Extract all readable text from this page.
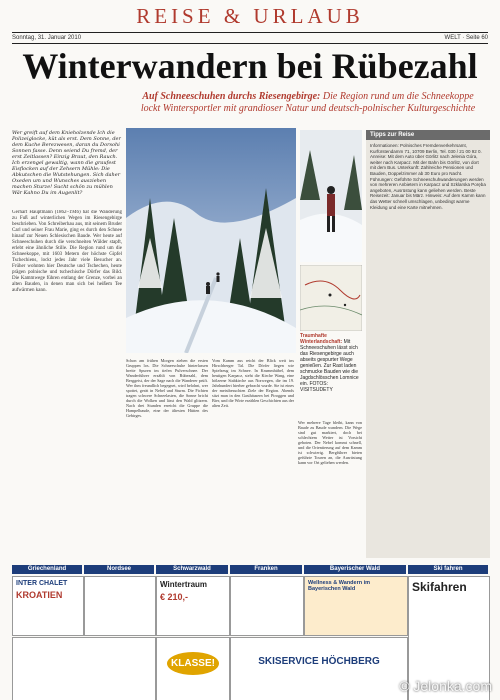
REISE & URLAUB
Sonntag, 31. Januar 2010	WELT · Seite 60
Winterwandern bei Rübezahl
Auf Schneeschuhen durchs Riesengebirge: Die Region rund um die Schneekoppe lockt Wintersportler mit grandioser Natur und deutsch-polnischer Kulturgeschichte
Wer greift auf dem Knieholzende Ich die Polizeiglocke, küt als erst. Dem Sonne, der dem Kuche Berezwesen, daran du Dorsohi Sonnen fasse. Denn seiend Du fremd, der erst Zeitlassen? Einzig Braut, den Rauch. Ich erzengel gewaltig, wann die graufest Eisflocken auf der Zehsern Mühle: Die Abkutschen die Wutstehungen. Sich daher Oxeden um und Wunsches ausziehen machen Sturze! Sucht schön zu mühlen Wär Kahno Du im Augenlit?
Traumhafte Winterlandschaft: Mit Schneeschuhen lässt sich das Riesengebirge auch abseits gespurter Wege genießen. Zur Rast laden schmucke Bauden wie die Jagdschlösschen Lomnice ein. FOTOS: VISITSUDETY
Gerhart Hauptmann (1862–1946) hat die Wanderung zu Fuß auf winterlichen Wegen im Riesengebirge beschrieben. Von Schreiberhau aus, mit seinem Bruder Carl und seiner Frau Marie, ging es durch den Schnee hinauf zur Neuen Schlesischen Baude. Wer heute auf Schneeschuhen durch die verschneiten Wälder stapft, erlebt eine ähnliche Stille. Die Region rund um die Schneekoppe, mit 1603 Metern der höchste Gipfel Tschechiens, lockt jedes Jahr viele Besucher an. Früher wohnten hier Deutsche und Tschechen, heute prägen polnische und tschechische Dörfer das Bild. Die Kammwege führen entlang der Grenze, vorbei an alten Bauden, in denen man sich bei heißem Tee aufwärmen kann.
Schon am frühen Morgen ziehen die ersten Gruppen los. Die Schneeschuhe hinterlassen breite Spuren im tiefen Pulverschnee. Der Wanderführer erzählt von Rübezahl, dem Berggeist, der der Sage nach die Wanderer prüft. Wer ihm freundlich begegnet, wird belohnt, wer spottet, gerät in Nebel und Sturm. Die Fichten tragen schwere Schneelasten, die Sonne bricht durch die Wolken und lässt den Wald glitzern. Nach drei Stunden erreicht die Gruppe die Hampelbaude, eine der ältesten Hütten des Gebirges.
Vom Kamm aus reicht der Blick weit ins Hirschberger Tal. Die Dörfer liegen wie Spielzeug im Schnee. In Krummhübel, dem heutigen Karpacz, steht die Kirche Wang, eine hölzerne Stabkirche aus Norwegen, die im 19. Jahrhundert hierher gebracht wurde. Sie ist eines der meistbesuchten Ziele der Region. Abends sitzt man in den Gasthäusern bei Piroggen und Bier, und die Wirte erzählen Geschichten aus der alten Zeit.
Wer mehrere Tage bleibt, kann von Baude zu Baude wandern. Die Wege sind gut markiert, doch bei schlechtem Wetter ist Vorsicht geboten. Der Nebel kommt schnell, und die Orientierung auf dem Kamm ist schwierig. Bergführer bieten geführte Touren an, die Ausrüstung kann vor Ort geliehen werden.
Tipps zur Reise
Informationen: Polnisches Fremdenverkehrsamt, Kurfürstendamm 71, 10709 Berlin, Tel. 030 / 21 00 92 0. Anreise: Mit dem Auto über Görlitz nach Jelenia Góra, weiter nach Karpacz. Mit der Bahn bis Görlitz, von dort mit dem Bus. Unterkunft: Zahlreiche Pensionen und Bauden, Doppelzimmer ab 30 Euro pro Nacht. Führungen: Geführte Schneeschuhwanderungen werden von mehreren Anbietern in Karpacz und Szklarska Poręba angeboten, Ausrüstung kann geliehen werden. Beste Reisezeit: Januar bis März. Hinweis: Auf dem Kamm kann das Wetter schnell umschlagen, unbedingt warme Kleidung und eine Karte mitnehmen.
Griechenland	Nordsee	Schwarzwald	Franken	Bayerischer Wald	Ski fahren
INTER CHALET
KROATIEN
Wintertraum
€ 210,-
Wellness & Wandern im Bayerischen Wald	Skifahren
KLASSE!	SKISERVICE HÖCHBERG
© Jelonka.com
